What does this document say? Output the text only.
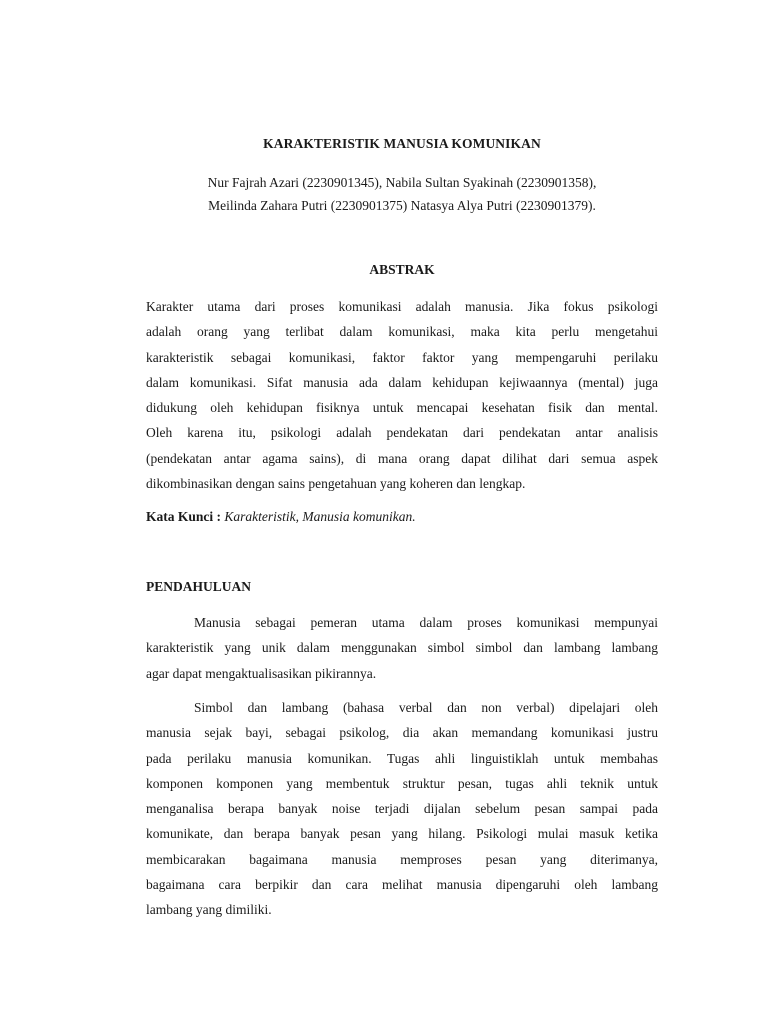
KARAKTERISTIK MANUSIA KOMUNIKAN
Nur Fajrah Azari (2230901345), Nabila Sultan Syakinah (2230901358),
Meilinda Zahara Putri (2230901375) Natasya Alya Putri (2230901379).
ABSTRAK
Karakter utama dari proses komunikasi adalah manusia. Jika fokus psikologi
adalah orang yang terlibat dalam komunikasi, maka kita perlu mengetahui
karakteristik sebagai komunikasi, faktor faktor yang mempengaruhi perilaku
dalam komunikasi. Sifat manusia ada dalam kehidupan kejiwaannya (mental) juga
didukung oleh kehidupan fisiknya untuk mencapai kesehatan fisik dan mental.
Oleh karena itu, psikologi adalah pendekatan dari pendekatan antar analisis
(pendekatan antar agama sains), di mana orang dapat dilihat dari semua aspek
dikombinasikan dengan sains pengetahuan yang koheren dan lengkap.
Kata Kunci : Karakteristik, Manusia komunikan.
PENDAHULUAN
Manusia sebagai pemeran utama dalam proses komunikasi mempunyai
karakteristik yang unik dalam menggunakan simbol simbol dan lambang lambang
agar dapat mengaktualisasikan pikirannya.
Simbol dan lambang (bahasa verbal dan non verbal) dipelajari oleh
manusia sejak bayi, sebagai psikolog, dia akan memandang komunikasi justru
pada perilaku manusia komunikan. Tugas ahli linguistiklah untuk membahas
komponen komponen yang membentuk struktur pesan, tugas ahli teknik untuk
menganalisa berapa banyak noise terjadi dijalan sebelum pesan sampai pada
komunikate, dan berapa banyak pesan yang hilang. Psikologi mulai masuk ketika
membicarakan bagaimana manusia memproses pesan yang diterimanya,
bagaimana cara berpikir dan cara melihat manusia dipengaruhi oleh lambang
lambang yang dimiliki.
